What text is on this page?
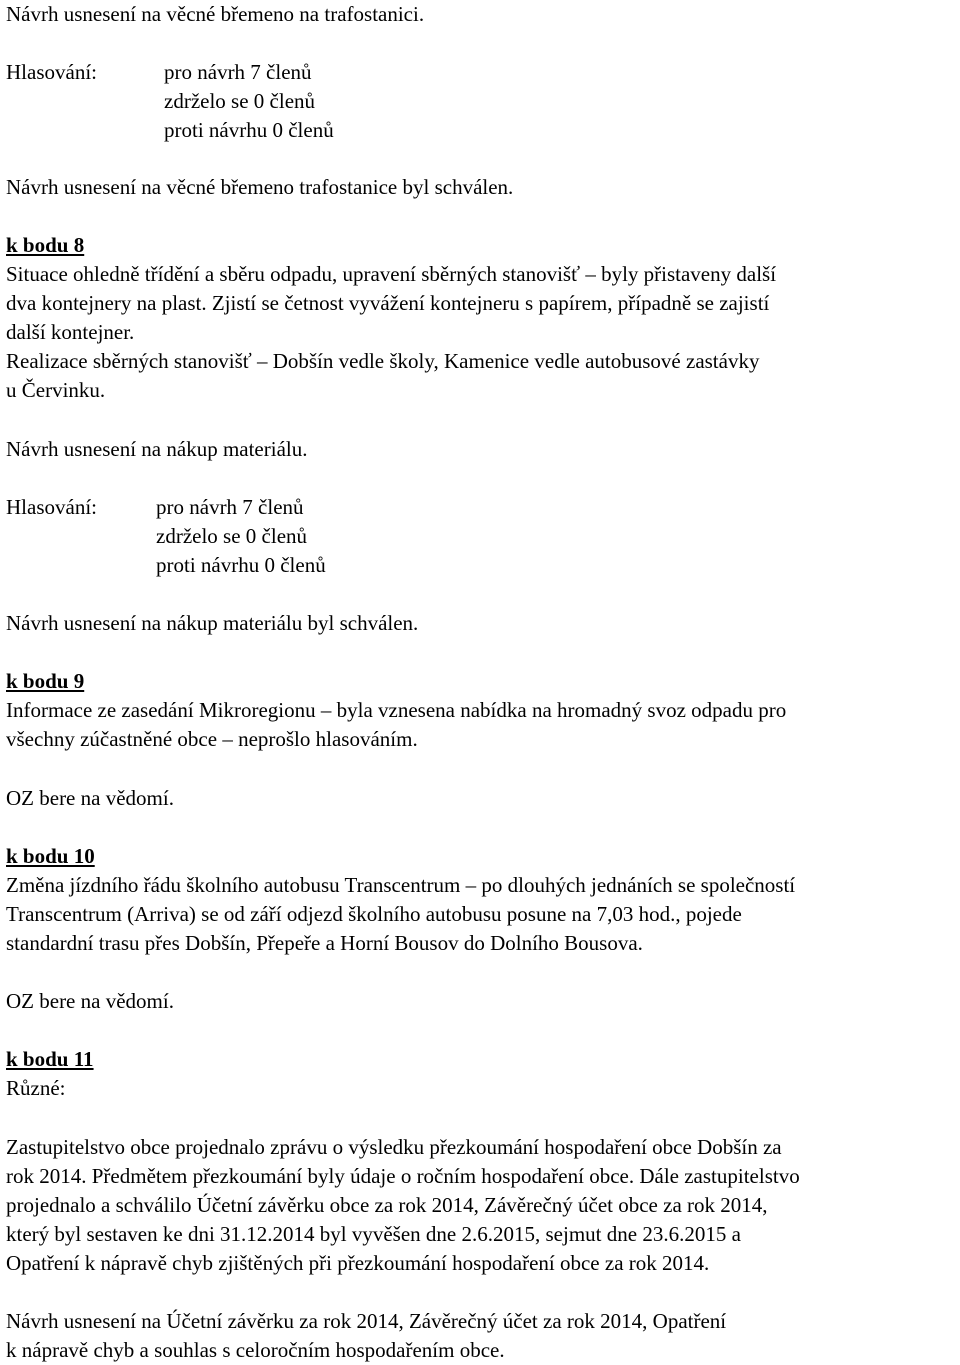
Návrh usnesení na věcné břemeno na trafostanici.
Hlasování:	pro návrh 7 členů
zdrželo se 0 členů
proti návrhu 0 členů
Návrh usnesení na věcné břemeno trafostanice byl schválen.
k bodu 8
Situace ohledně třídění a sběru odpadu, upravení sběrných stanovišť – byly přistaveny další
dva kontejnery na plast. Zjistí se četnost vyvážení kontejneru s papírem, případně se zajistí
další kontejner.
Realizace sběrných stanovišť – Dobšín vedle školy, Kamenice vedle autobusové zastávky
u Červinku.
Návrh usnesení na nákup materiálu.
Hlasování:	pro návrh 7 členů
zdrželo se 0 členů
proti návrhu 0 členů
Návrh usnesení na nákup materiálu byl schválen.
k bodu 9
Informace ze zasedání Mikroregionu – byla vznesena nabídka na hromadný svoz odpadu pro
všechny zúčastněné obce – neprošlo hlasováním.
OZ bere na vědomí.
k bodu 10
Změna jízdního řádu školního autobusu Transcentrum – po dlouhých jednáních se společností
Transcentrum (Arriva) se od září odjezd školního autobusu posune na 7,03 hod., pojede
standardní trasu přes Dobšín, Přepeře a Horní Bousov do Dolního Bousova.
OZ bere na vědomí.
k bodu 11
Různé:
Zastupitelstvo obce projednalo zprávu o výsledku přezkoumání hospodaření obce Dobšín za
rok 2014. Předmětem přezkoumání byly údaje o ročním hospodaření obce. Dále zastupitelstvo
projednalo a schválilo Účetní závěrku obce za rok 2014, Závěrečný účet obce za rok 2014,
který byl sestaven ke dni 31.12.2014 byl vyvěšen dne 2.6.2015, sejmut dne 23.6.2015 a
Opatření k nápravě chyb zjištěných při přezkoumání hospodaření obce za rok 2014.
Návrh usnesení na Účetní závěrku za rok 2014, Závěrečný účet za rok 2014, Opatření
k nápravě chyb a souhlas s celoročním hospodařením obce.
